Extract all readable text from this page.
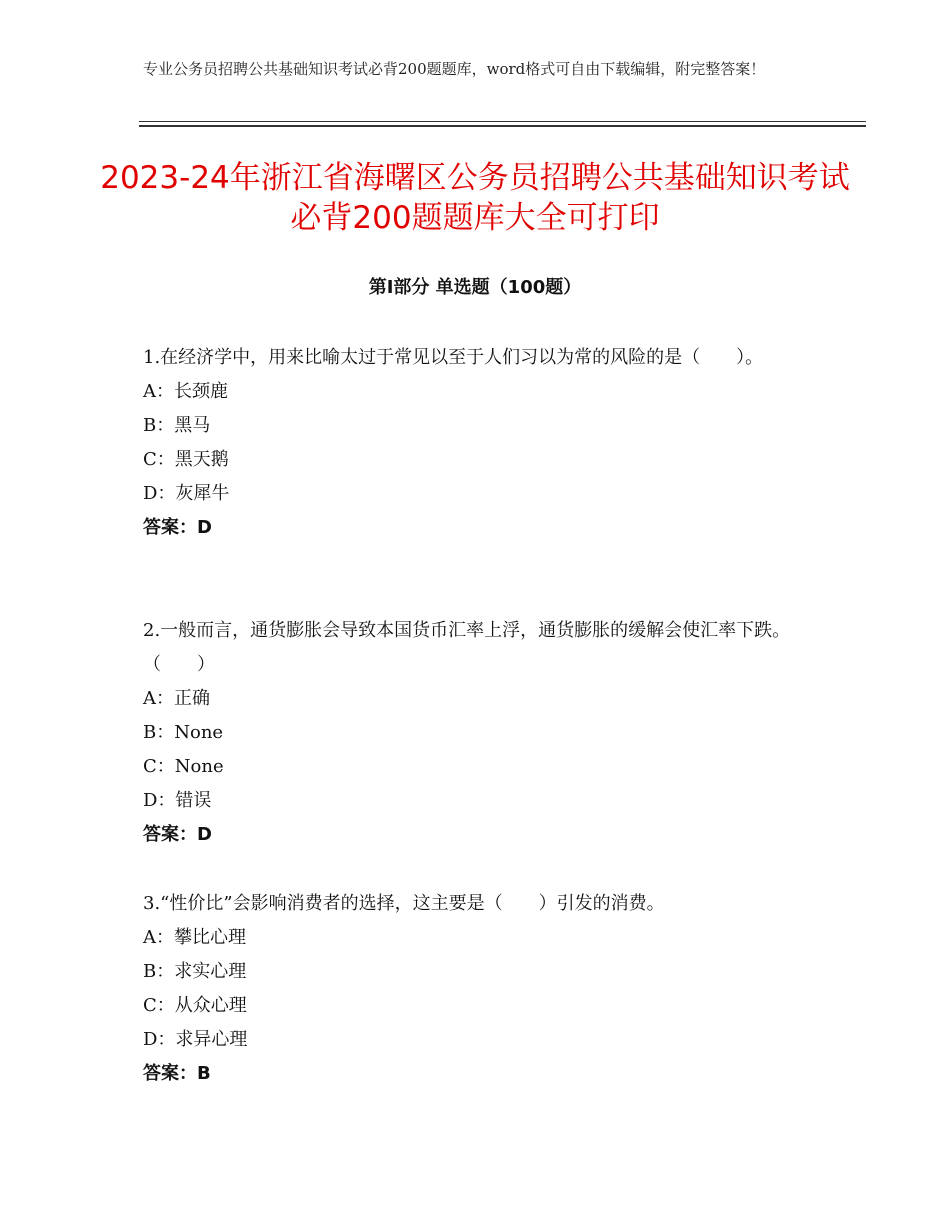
专业公务员招聘公共基础知识考试必背200题题库，word格式可自由下载编辑，附完整答案！
2023-24年浙江省海曙区公务员招聘公共基础知识考试必背200题题库大全可打印
第Ⅰ部分 单选题（100题）

1.在经济学中，用来比喻太过于常见以至于人们习以为常的风险的是（　　）。

A：长颈鹿

B：黑马

C：黑天鹅

D：灰犀牛

答案：D

2.一般而言，通货膨胀会导致本国货币汇率上浮，通货膨胀的缓解会使汇率下跌。（　　）

A：正确

B：None

C：None

D：错误

答案：D

3.“性价比”会影响消费者的选择，这主要是（　　）引发的消费。

A：攀比心理

B：求实心理

C：从众心理

D：求异心理

答案：B
